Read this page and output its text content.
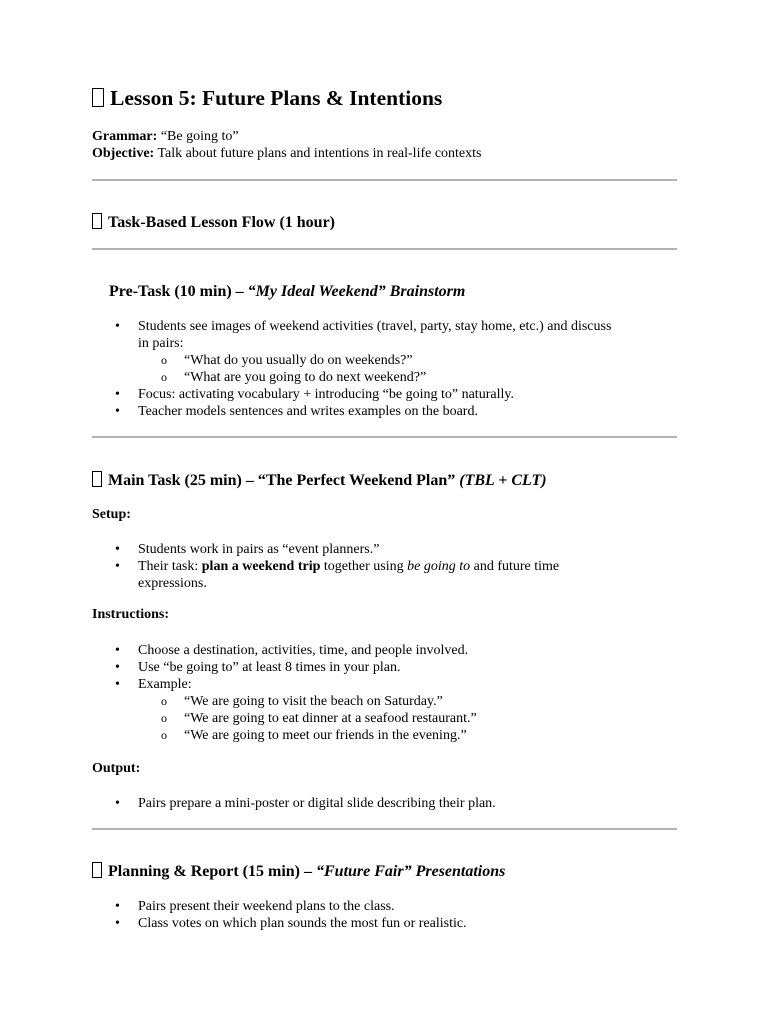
Lesson 5: Future Plans & Intentions
Grammar: “Be going to”
Objective: Talk about future plans and intentions in real-life contexts
Task-Based Lesson Flow (1 hour)
Pre-Task (10 min) – “My Ideal Weekend” Brainstorm
• Students see images of weekend activities (travel, party, stay home, etc.) and discuss
in pairs:
o “What do you usually do on weekends?”
o “What are you going to do next weekend?”
• Focus: activating vocabulary + introducing “be going to” naturally.
• Teacher models sentences and writes examples on the board.
Main Task (25 min) – “The Perfect Weekend Plan” (TBL + CLT)
Setup:
• Students work in pairs as “event planners.”
• Their task: plan a weekend trip together using be going to and future time
expressions.
Instructions:
• Choose a destination, activities, time, and people involved.
• Use “be going to” at least 8 times in your plan.
• Example:
o “We are going to visit the beach on Saturday.”
o “We are going to eat dinner at a seafood restaurant.”
o “We are going to meet our friends in the evening.”
Output:
• Pairs prepare a mini-poster or digital slide describing their plan.
Planning & Report (15 min) – “Future Fair” Presentations
• Pairs present their weekend plans to the class.
• Class votes on which plan sounds the most fun or realistic.
